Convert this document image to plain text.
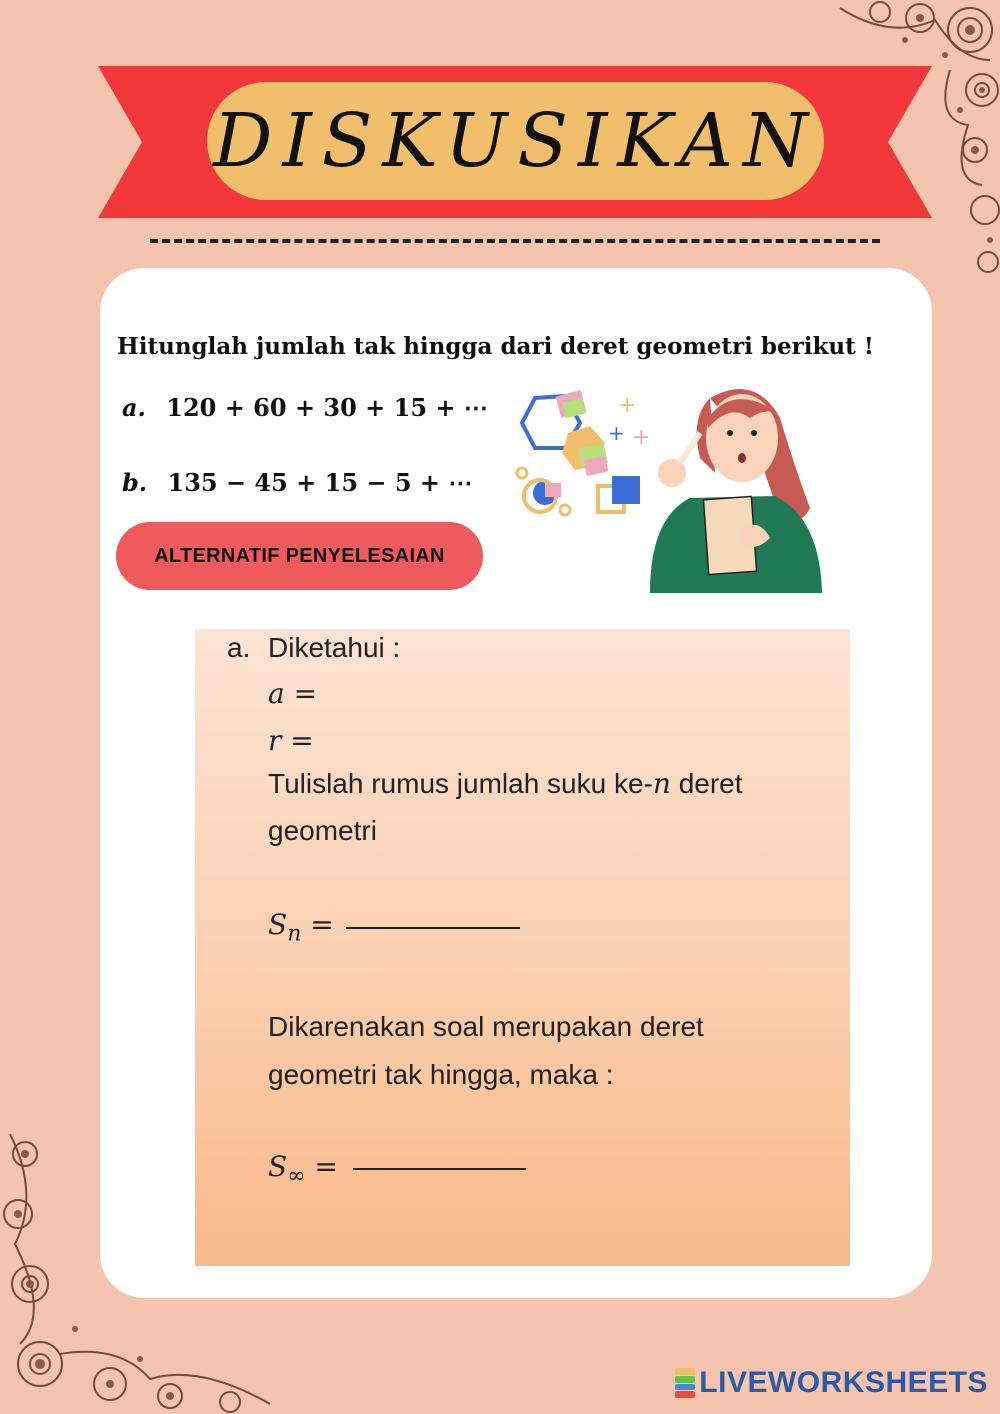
DISKUSIKAN
Hitunglah jumlah tak hingga dari deret geometri berikut !
a. 120 + 60 + 30 + 15 + ⋯
b. 135 − 45 + 15 − 5 + ⋯
ALTERNATIF PENYELESAIAN
+
+ +
a. Diketahui :
a =
r =
Tulislah rumus jumlah suku ke-n deret
geometri
$S_n$ =
Dikarenakan soal merupakan deret
geometri tak hingga, maka :
$S_\infty$ =
LIVEWORKSHEETS
